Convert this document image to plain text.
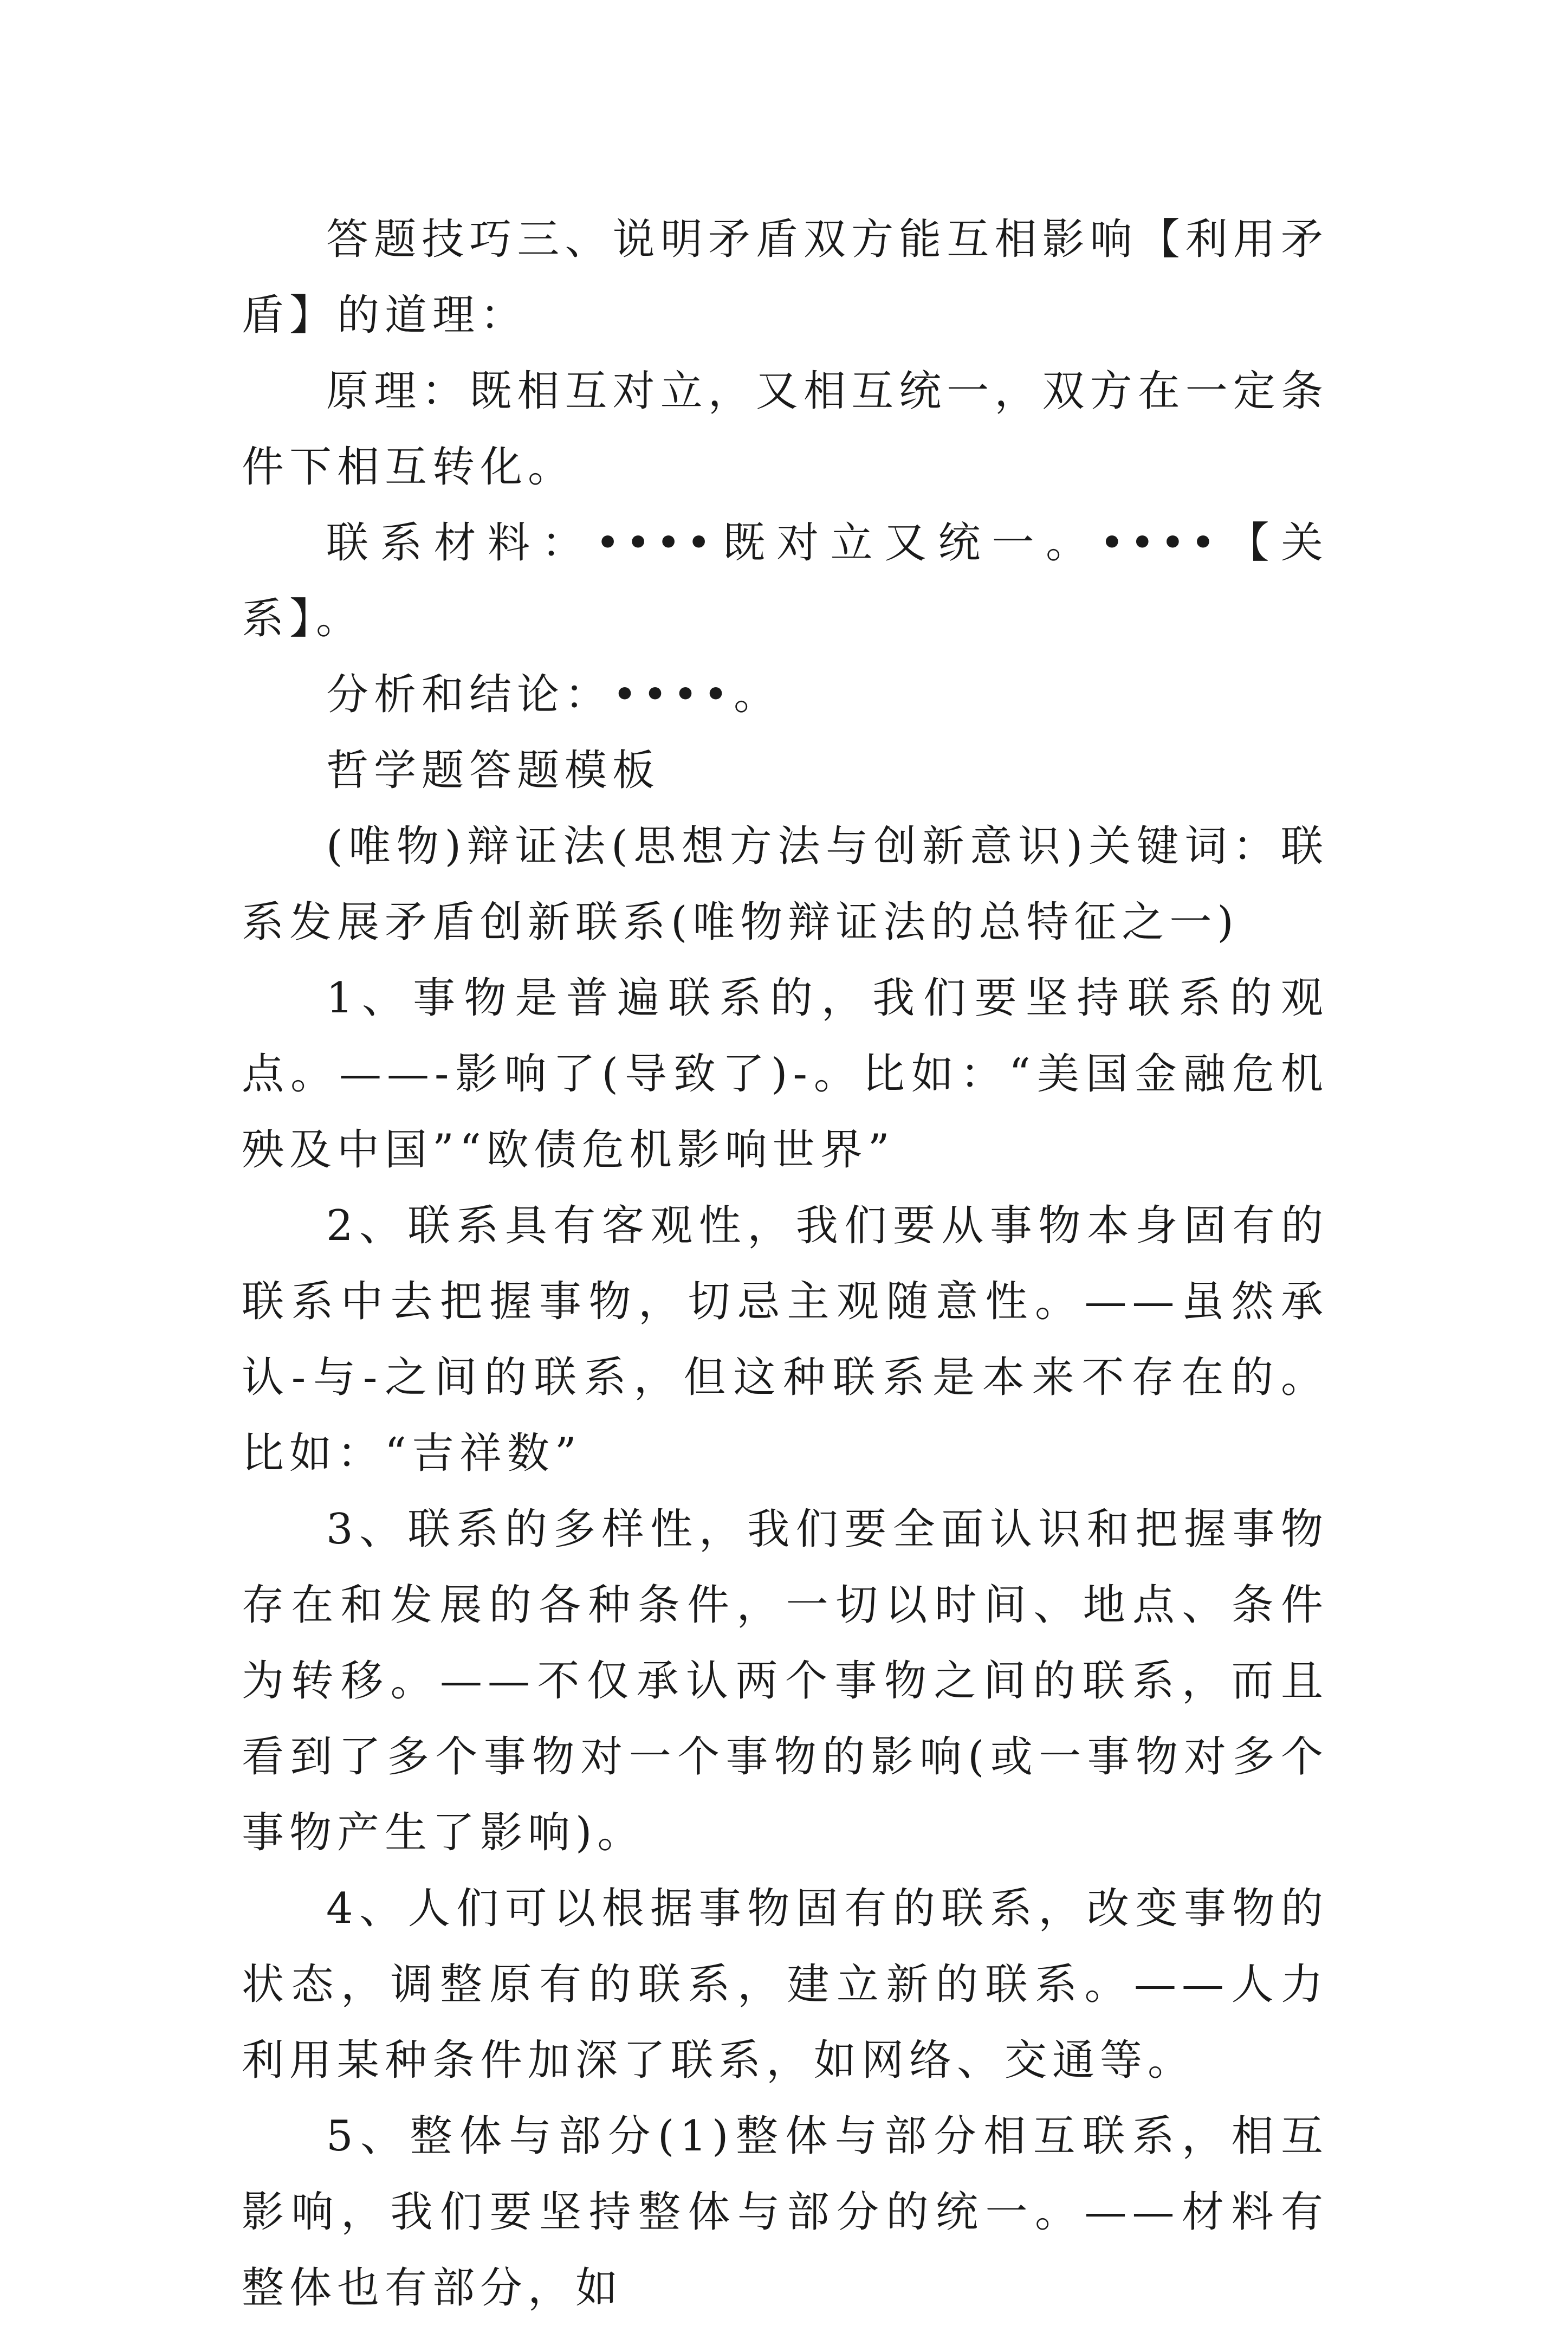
答题技巧三、说明矛盾双方能互相影响【利用矛盾】的道理：

原理：既相互对立，又相互统一，双方在一定条件下相互转化。

联系材料：••••既对立又统一。••••【关系】。

分析和结论：••••。

哲学题答题模板

(唯物)辩证法(思想方法与创新意识)关键词：联系发展矛盾创新联系(唯物辩证法的总特征之一)

1、事物是普遍联系的，我们要坚持联系的观点。——-影响了(导致了)-。比如：“美国金融危机殃及中国”“欧债危机影响世界”

2、联系具有客观性，我们要从事物本身固有的联系中去把握事物，切忌主观随意性。——虽然承认-与-之间的联系，但这种联系是本来不存在的。比如：“吉祥数”

3、联系的多样性，我们要全面认识和把握事物存在和发展的各种条件，一切以时间、地点、条件为转移。——不仅承认两个事物之间的联系，而且看到了多个事物对一个事物的影响(或一事物对多个事物产生了影响)。

4、人们可以根据事物固有的联系，改变事物的状态，调整原有的联系，建立新的联系。——人力利用某种条件加深了联系，如网络、交通等。

5、整体与部分(1)整体与部分相互联系，相互影响，我们要坚持整体与部分的统一。——材料有整体也有部分，如
